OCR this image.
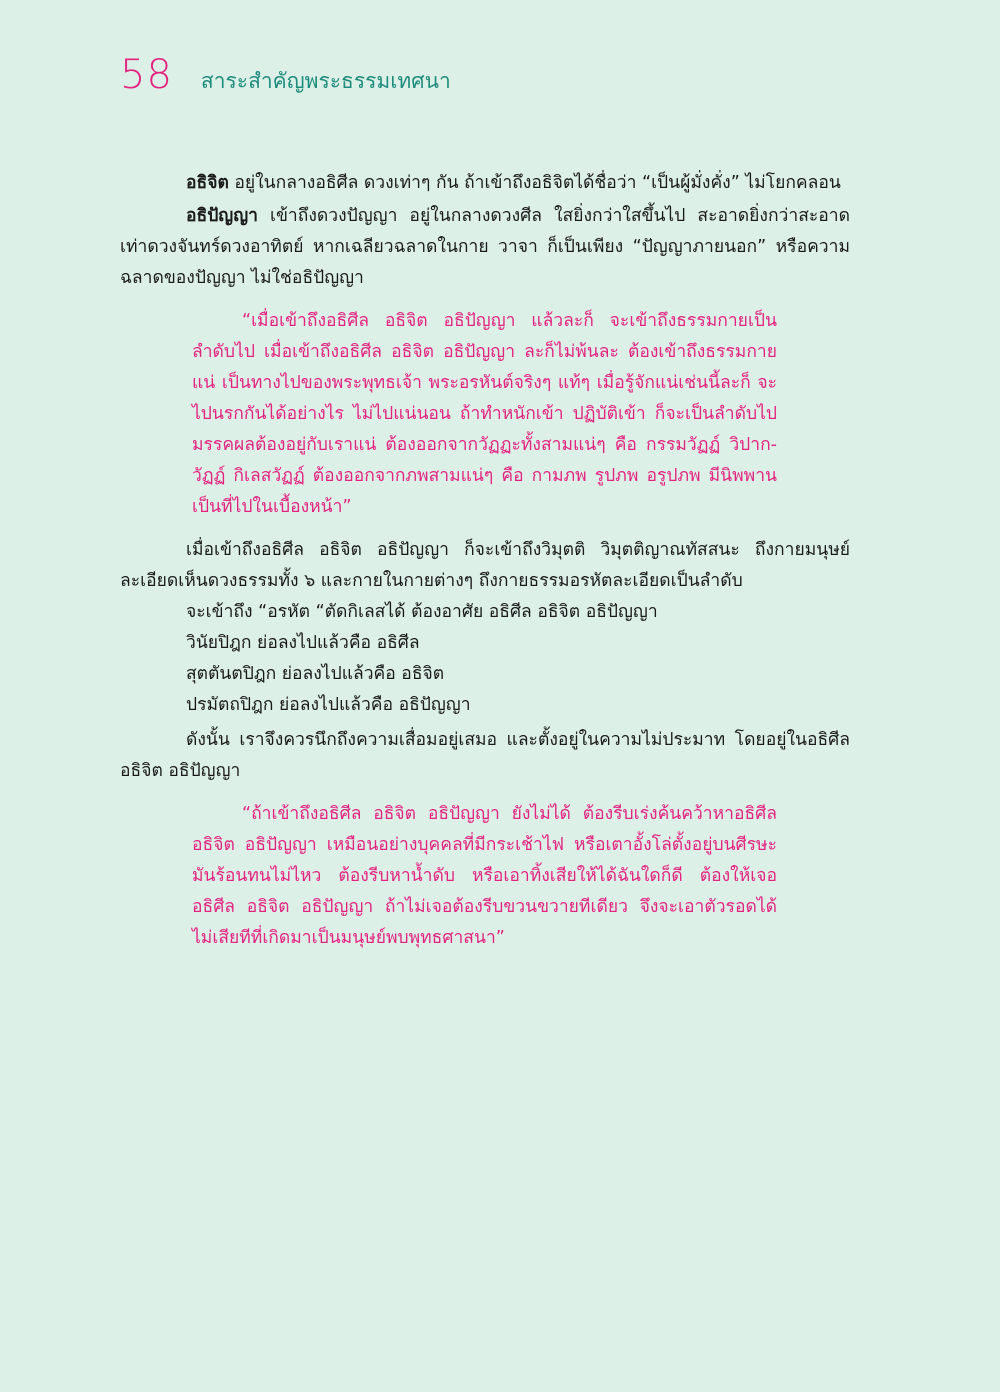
58 สาระสำคัญพระธรรมเทศนา

อธิจิต อยู่ในกลางอธิศีล ดวงเท่าๆ กัน ถ้าเข้าถึงอธิจิตได้ชื่อว่า “เป็นผู้มั่งคั่ง” ไม่โยกคลอน

อธิปัญญา เข้าถึงดวงปัญญา อยู่ในกลางดวงศีล ใสยิ่งกว่าใสขึ้นไป สะอาดยิ่งกว่าสะอาด เท่าดวงจันทร์ดวงอาทิตย์ หากเฉลียวฉลาดในกาย วาจา ก็เป็นเพียง “ปัญญาภายนอก” หรือความฉลาดของปัญญา ไม่ใช่อธิปัญญา

“เมื่อเข้าถึงอธิศีล อธิจิต อธิปัญญา แล้วละก็ จะเข้าถึงธรรมกายเป็นลำดับไป เมื่อเข้าถึงอธิศีล อธิจิต อธิปัญญา ละก็ไม่พ้นละ ต้องเข้าถึงธรรมกายแน่ เป็นทางไปของพระพุทธเจ้า พระอรหันต์จริงๆ แท้ๆ เมื่อรู้จักแน่เช่นนี้ละก็ จะไปนรกกันได้อย่างไร ไม่ไปแน่นอน ถ้าทำหนักเข้า ปฏิบัติเข้า ก็จะเป็นลำดับไปมรรคผลต้องอยู่กับเราแน่ ต้องออกจากวัฏฏะทั้งสามแน่ๆ คือ กรรมวัฏฏ์ วิปาก-วัฏฏ์ กิเลสวัฏฏ์ ต้องออกจากภพสามแน่ๆ คือ กามภพ รูปภพ อรูปภพ มีนิพพานเป็นที่ไปในเบื้องหน้า”

เมื่อเข้าถึงอธิศีล อธิจิต อธิปัญญา ก็จะเข้าถึงวิมุตติ วิมุตติญาณทัสสนะ ถึงกายมนุษย์ละเอียดเห็นดวงธรรมทั้ง ๖ และกายในกายต่างๆ ถึงกายธรรมอรหัตละเอียดเป็นลำดับ

จะเข้าถึง “อรหัต “ตัดกิเลสได้ ต้องอาศัย อธิศีล อธิจิต อธิปัญญา

วินัยปิฎก ย่อลงไปแล้วคือ อธิศีล

สุตตันตปิฎก ย่อลงไปแล้วคือ อธิจิต

ปรมัตถปิฎก ย่อลงไปแล้วคือ อธิปัญญา

ดังนั้น เราจึงควรนึกถึงความเสื่อมอยู่เสมอ และตั้งอยู่ในความไม่ประมาท โดยอยู่ในอธิศีล อธิจิต อธิปัญญา

“ถ้าเข้าถึงอธิศีล อธิจิต อธิปัญญา ยังไม่ได้ ต้องรีบเร่งค้นคว้าหาอธิศีล อธิจิต อธิปัญญา เหมือนอย่างบุคคลที่มีกระเช้าไฟ หรือเตาอั้งโล่ตั้งอยู่บนศีรษะ มันร้อนทนไม่ไหว ต้องรีบหาน้ำดับ หรือเอาทิ้งเสียให้ได้ฉันใดก็ดี ต้องให้เจออธิศีล อธิจิต อธิปัญญา ถ้าไม่เจอต้องรีบขวนขวายทีเดียว จึงจะเอาตัวรอดได้ ไม่เสียทีที่เกิดมาเป็นมนุษย์พบพุทธศาสนา”
